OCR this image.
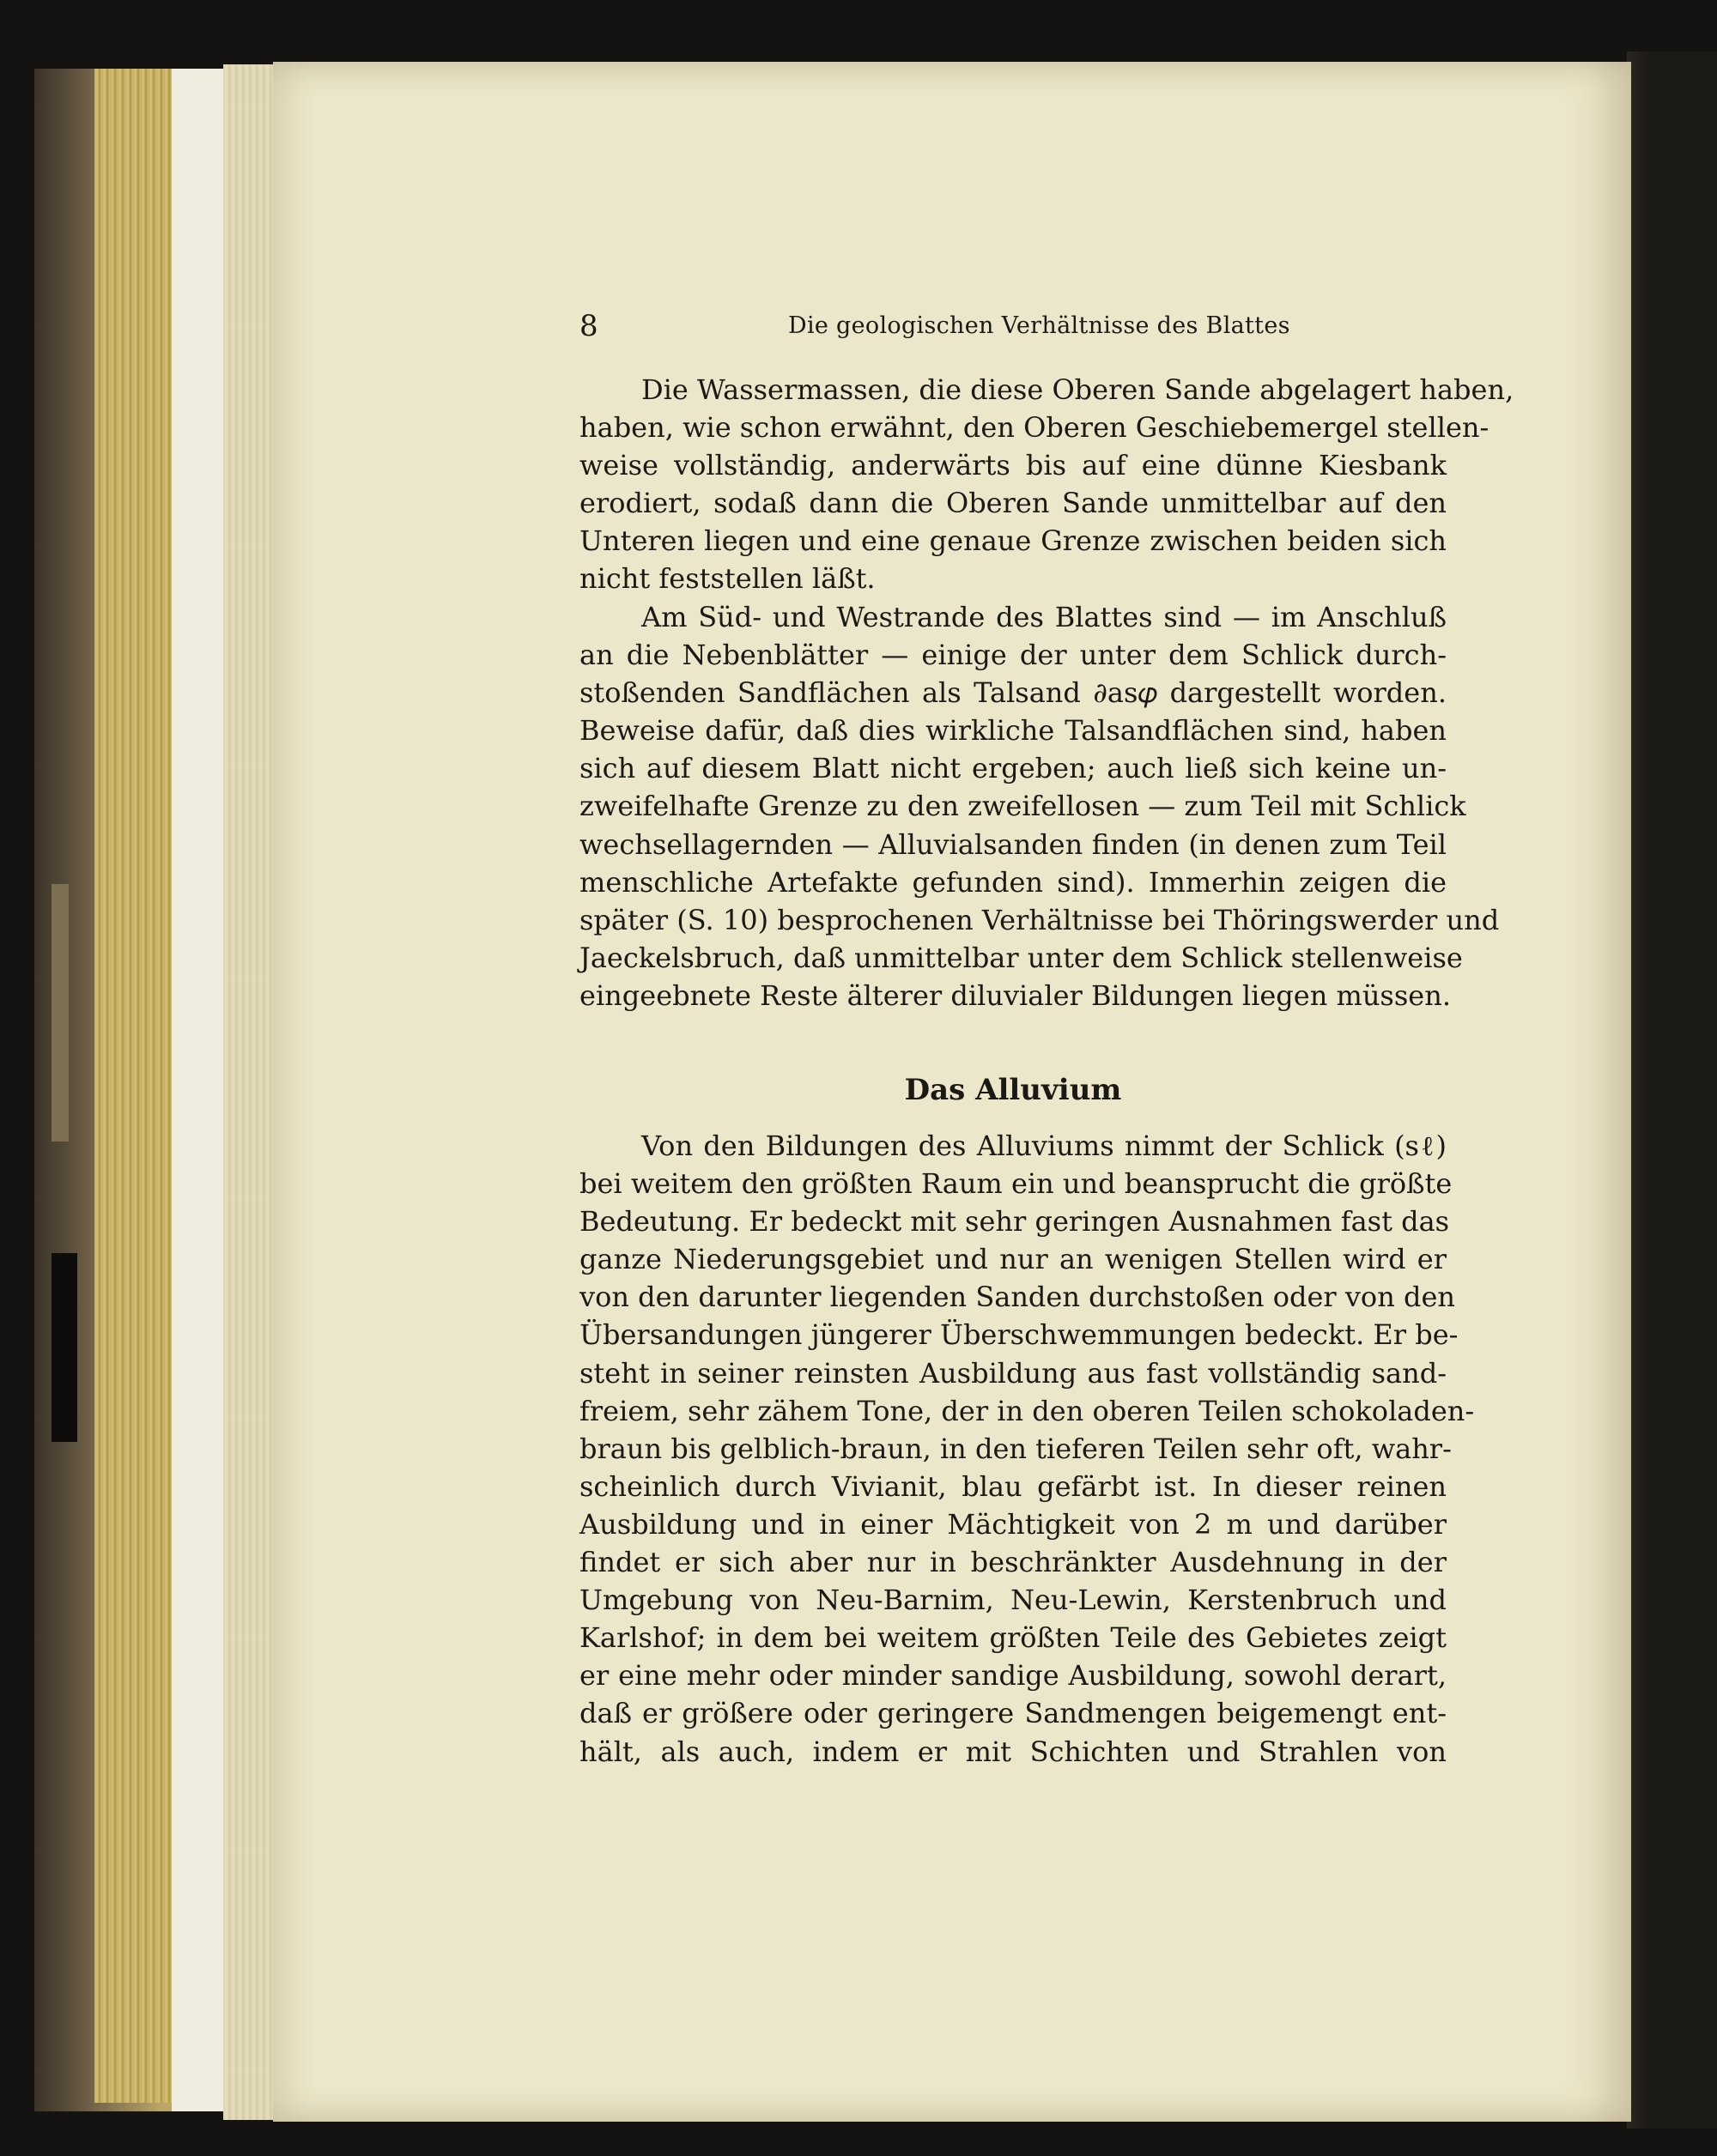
8	Die geologischen Verhältnisse des Blattes
Die Wassermassen, die diese Oberen Sande abgelagert haben,
haben, wie schon erwähnt, den Oberen Geschiebemergel stellen-
weise vollständig, anderwärts bis auf eine dünne Kiesbank
erodiert, sodaß dann die Oberen Sande unmittelbar auf den
Unteren liegen und eine genaue Grenze zwischen beiden sich
nicht feststellen läßt.
Am Süd- und Westrande des Blattes sind — im Anschluß
an die Nebenblätter — einige der unter dem Schlick durch-
stoßenden Sandflächen als Talsand ∂as𝜑 dargestellt worden.
Beweise dafür, daß dies wirkliche Talsandflächen sind, haben
sich auf diesem Blatt nicht ergeben; auch ließ sich keine un-
zweifelhafte Grenze zu den zweifellosen — zum Teil mit Schlick
wechsellagernden — Alluvialsanden finden (in denen zum Teil
menschliche Artefakte gefunden sind). Immerhin zeigen die
später (S. 10) besprochenen Verhältnisse bei Thöringswerder und
Jaeckelsbruch, daß unmittelbar unter dem Schlick stellenweise
eingeebnete Reste älterer diluvialer Bildungen liegen müssen.
Das Alluvium
Von den Bildungen des Alluviums nimmt der Schlick (sℓ)
bei weitem den größten Raum ein und beansprucht die größte
Bedeutung. Er bedeckt mit sehr geringen Ausnahmen fast das
ganze Niederungsgebiet und nur an wenigen Stellen wird er
von den darunter liegenden Sanden durchstoßen oder von den
Übersandungen jüngerer Überschwemmungen bedeckt. Er be-
steht in seiner reinsten Ausbildung aus fast vollständig sand-
freiem, sehr zähem Tone, der in den oberen Teilen schokoladen-
braun bis gelblich-braun, in den tieferen Teilen sehr oft, wahr-
scheinlich durch Vivianit, blau gefärbt ist. In dieser reinen
Ausbildung und in einer Mächtigkeit von 2 m und darüber
findet er sich aber nur in beschränkter Ausdehnung in der
Umgebung von Neu-Barnim, Neu-Lewin, Kerstenbruch und
Karlshof; in dem bei weitem größten Teile des Gebietes zeigt
er eine mehr oder minder sandige Ausbildung, sowohl derart,
daß er größere oder geringere Sandmengen beigemengt ent-
hält, als auch, indem er mit Schichten und Strahlen von
